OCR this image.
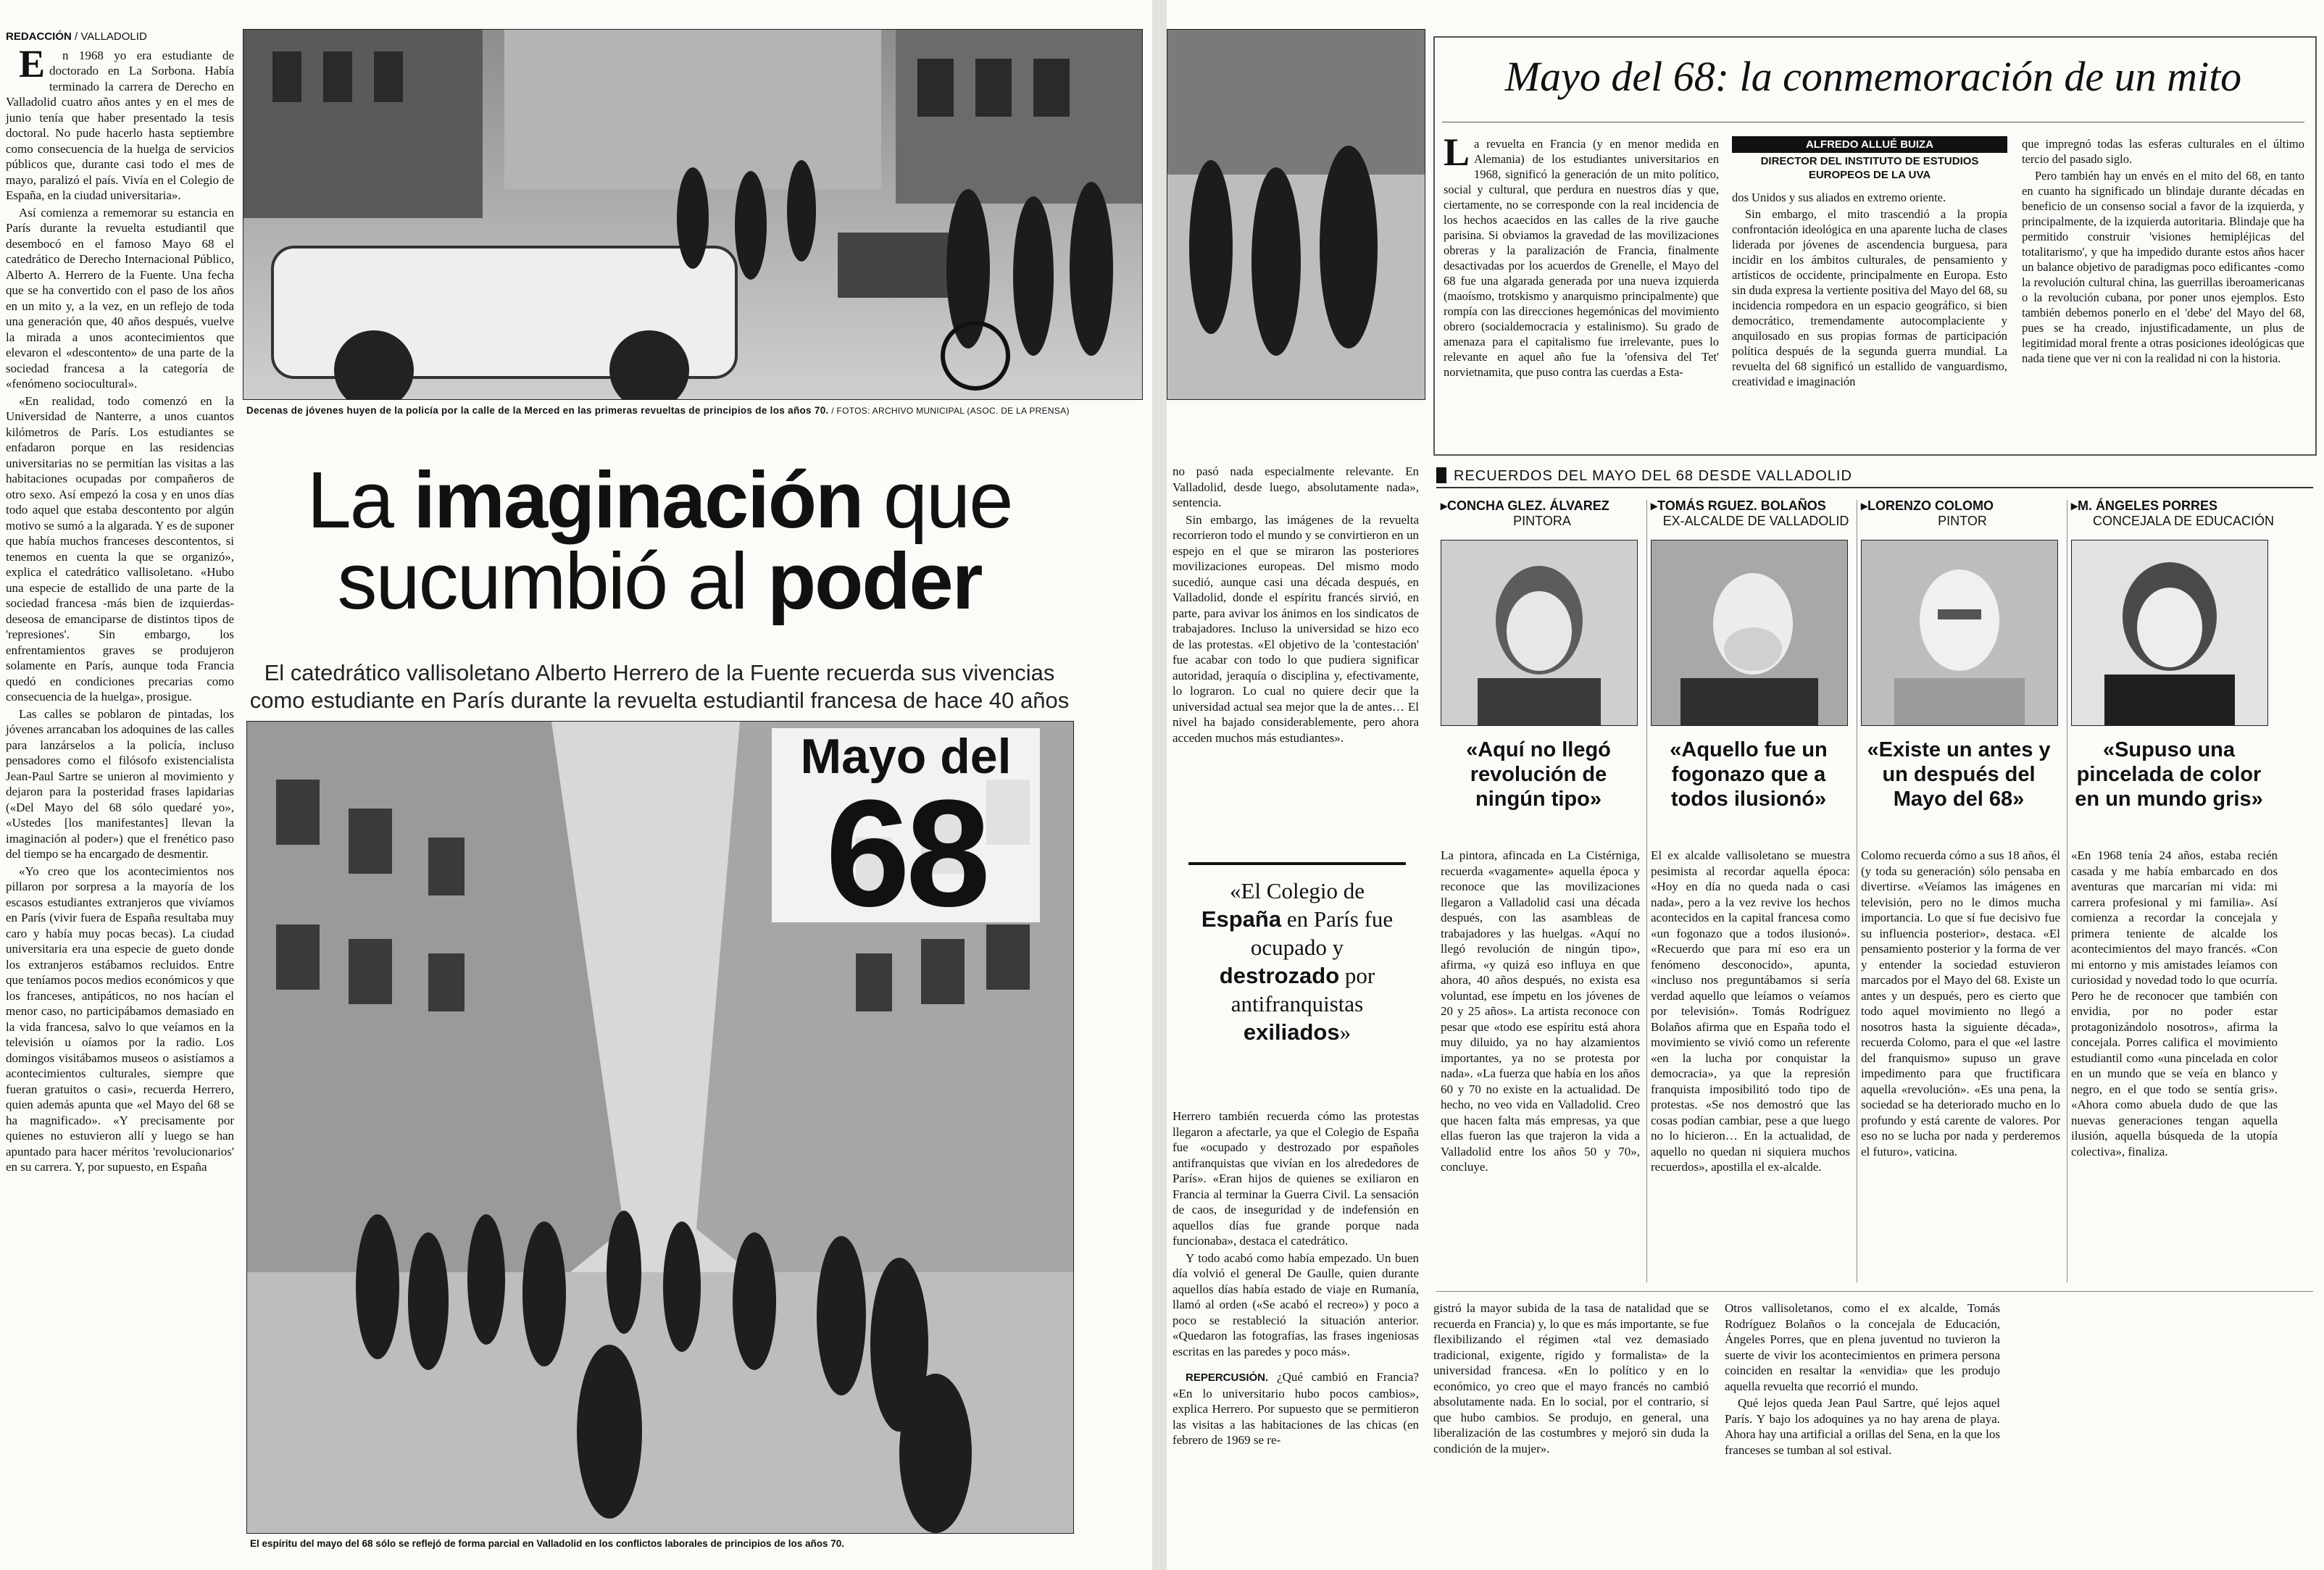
REDACCIÓN / VALLADOLID

E	n 1968 yo era estudiante de doctorado en La Sorbona. Había terminado la carrera de Derecho en Valladolid cuatro años antes y en el mes de junio tenía que haber presentado la tesis doctoral. No pude hacerlo hasta septiembre como consecuencia de la huelga de servicios públicos que, durante casi todo el mes de mayo, paralizó el país. Vivía en el Colegio de España, en la ciudad universitaria».

Así comienza a rememorar su estancia en París durante la revuelta estudiantil que desembocó en el famoso Mayo 68 el catedrático de Derecho Internacional Público, Alberto A. Herrero de la Fuente. Una fecha que se ha convertido con el paso de los años en un mito y, a la vez, en un reflejo de toda una generación que, 40 años después, vuelve la mirada a unos acontecimientos que elevaron el «descontento» de una parte de la sociedad francesa a la categoría de «fenómeno sociocultural».

«En realidad, todo comenzó en la Universidad de Nanterre, a unos cuantos kilómetros de París. Los estudiantes se enfadaron porque en las residencias universitarias no se permitían las visitas a las habitaciones ocupadas por compañeros de otro sexo. Así empezó la cosa y en unos días todo aquel que estaba descontento por algún motivo se sumó a la algarada. Y es de suponer que había muchos franceses descontentos, si tenemos en cuenta la que se organizó», explica el catedrático vallisoletano. «Hubo una especie de estallido de una parte de la sociedad francesa -más bien de izquierdas- deseosa de emanciparse de distintos tipos de 'represiones'. Sin embargo, los enfrentamientos graves se produjeron solamente en París, aunque toda Francia quedó en condiciones precarias como consecuencia de la huelga», prosigue.

Las calles se poblaron de pintadas, los jóvenes arrancaban los adoquines de las calles para lanzárselos a la policía, incluso pensadores como el filósofo existencialista Jean-Paul Sartre se unieron al movimiento y dejaron para la posteridad frases lapidarias («Del Mayo del 68 sólo quedaré yo», «Ustedes [los manifestantes] llevan la imaginación al poder») que el frenético paso del tiempo se ha encargado de desmentir.

«Yo creo que los acontecimientos nos pillaron por sorpresa a la mayoría de los escasos estudiantes extranjeros que vivíamos en París (vivir fuera de España resultaba muy caro y había muy pocas becas). La ciudad universitaria era una especie de gueto donde los extranjeros estábamos recluidos. Entre que teníamos pocos medios económicos y que los franceses, antipáticos, no nos hacían el menor caso, no participábamos demasiado en la vida francesa, salvo lo que veíamos en la televisión u oíamos por la radio. Los domingos visitábamos museos o asistíamos a acontecimientos culturales, siempre que fueran gratuitos o casi», recuerda Herrero, quien además apunta que «el Mayo del 68 se ha magnificado». «Y precisamente por quienes no estuvieron allí y luego se han apuntado para hacer méritos 'revolucionarios' en su carrera. Y, por supuesto, en España

Decenas de jóvenes huyen de la policía por la calle de la Merced en las primeras revueltas de principios de los años 70. / FOTOS: ARCHIVO MUNICIPAL (ASOC. DE LA PRENSA)
La imaginación que
sucumbió al poder
El catedrático vallisoletano Alberto Herrero de la Fuente recuerda sus vivencias como estudiante en París durante la revuelta estudiantil francesa de hace 40 años
Mayo del
68
El espíritu del mayo del 68 sólo se reflejó de forma parcial en Valladolid en los conflictos laborales de principios de los años 70.

no pasó nada especialmente relevante. En Valladolid, desde luego, absolutamente nada», sentencia.

Sin embargo, las imágenes de la revuelta recorrieron todo el mundo y se convirtieron en un espejo en el que se miraron las posteriores movilizaciones europeas. Del mismo modo sucedió, aunque casi una década después, en Valladolid, donde el espíritu francés sirvió, en parte, para avivar los ánimos en los sindicatos de trabajadores. Incluso la universidad se hizo eco de las protestas. «El objetivo de la 'contestación' fue acabar con todo lo que pudiera significar autoridad, jeraquía o disciplina y, efectivamente, lo lograron. Lo cual no quiere decir que la universidad actual sea mejor que la de antes… El nivel ha bajado considerablemente, pero ahora acceden muchos más estudiantes».

«El Colegio de España en París fue ocupado y destrozado por antifranquistas exiliados»

Herrero también recuerda cómo las protestas llegaron a afectarle, ya que el Colegio de España fue «ocupado y destrozado por españoles antifranquistas que vivían en los alrededores de París». «Eran hijos de quienes se exiliaron en Francia al terminar la Guerra Civil. La sensación de caos, de inseguridad y de indefensión en aquellos días fue grande porque nada funcionaba», destaca el catedrático.

Y todo acabó como había empezado. Un buen día volvió el general De Gaulle, quien durante aquellos días había estado de viaje en Rumanía, llamó al orden («Se acabó el recreo») y poco a poco se restableció la situación anterior. «Quedaron las fotografías, las frases ingeniosas escritas en las paredes y poco más».

REPERCUSIÓN. ¿Qué cambió en Francia? «En lo universitario hubo pocos cambios», explica Herrero. Por supuesto que se permitieron las visitas a las habitaciones de las chicas (en febrero de 1969 se re-

Mayo del 68: la conmemoración de un mito

La revuelta en Francia (y en menor medida en Alemania) de los estudiantes universitarios en 1968, significó la generación de un mito político, social y cultural, que perdura en nuestros días y que, ciertamente, no se corresponde con la real incidencia de los hechos acaecidos en las calles de la rive gauche parisina. Si obviamos la gravedad de las movilizaciones obreras y la paralización de Francia, finalmente desactivadas por los acuerdos de Grenelle, el Mayo del 68 fue una algarada generada por una nueva izquierda (maoísmo, trotskismo y anarquismo principalmente) que rompía con las direcciones hegemónicas del movimiento obrero (socialdemocracia y estalinismo). Su grado de amenaza para el capitalismo fue irrelevante, pues lo relevante en aquel año fue la 'ofensiva del Tet' norvietnamita, que puso contra las cuerdas a Esta-

ALFREDO ALLUÉ BUIZA
DIRECTOR DEL INSTITUTO DE ESTUDIOS EUROPEOS DE LA UVA

dos Unidos y sus aliados en extremo oriente.

Sin embargo, el mito trascendió a la propia confrontación ideológica en una aparente lucha de clases liderada por jóvenes de ascendencia burguesa, para incidir en los ámbitos culturales, de pensamiento y artísticos de occidente, principalmente en Europa. Esto sin duda expresa la vertiente positiva del Mayo del 68, su incidencia rompedora en un espacio geográfico, si bien democrático, tremendamente autocomplaciente y anquilosado en sus propias formas de participación política después de la segunda guerra mundial. La revuelta del 68 significó un estallido de vanguardismo, creatividad e imaginación

que impregnó todas las esferas culturales en el último tercio del pasado siglo.

Pero también hay un envés en el mito del 68, en tanto en cuanto ha significado un blindaje durante décadas en beneficio de un consenso social a favor de la izquierda, y principalmente, de la izquierda autoritaria. Blindaje que ha permitido construir 'visiones hemipléjicas del totalitarismo', y que ha impedido durante estos años hacer un balance objetivo de paradigmas poco edificantes -como la revolución cultural china, las guerrillas iberoamericanas o la revolución cubana, por poner unos ejemplos. Esto también debemos ponerlo en el 'debe' del Mayo del 68, pues se ha creado, injustificadamente, un plus de legitimidad moral frente a otras posiciones ideológicas que nada tiene que ver ni con la realidad ni con la historia.

RECUERDOS DEL MAYO DEL 68 DESDE VALLADOLID

gistró la mayor subida de la tasa de natalidad que se recuerda en Francia) y, lo que es más importante, se fue flexibilizando el régimen «tal vez demasiado tradicional, exigente, rígido y formalista» de la universidad francesa. «En lo político y en lo económico, yo creo que el mayo francés no cambió absolutamente nada. En lo social, por el contrario, sí que hubo cambios. Se produjo, en general, una liberalización de las costumbres y mejoró sin duda la condición de la mujer».

Otros vallisoletanos, como el ex alcalde, Tomás Rodríguez Bolaños o la concejala de Educación, Ángeles Porres, que en plena juventud no tuvieron la suerte de vivir los acontecimientos en primera persona coinciden en resaltar la «envidia» que les produjo aquella revuelta que recorrió el mundo.

Qué lejos queda Jean Paul Sartre, qué lejos aquel París. Y bajo los adoquines ya no hay arena de playa. Ahora hay una artificial a orillas del Sena, en la que los franceses se tumban al sol estival.

▸CONCHA GLEZ. ÁLVAREZ
PINTORA
«Aquí no llegó revolución de ningún tipo»

La pintora, afincada en La Cistérniga, recuerda «vagamente» aquella época y reconoce que las movilizaciones llegaron a Valladolid casi una década después, con las asambleas de trabajadores y las huelgas. «Aquí no llegó revolución de ningún tipo», afirma, «y quizá eso influya en que ahora, 40 años después, no exista esa voluntad, ese ímpetu en los jóvenes de 20 y 25 años». La artista reconoce con pesar que «todo ese espíritu está ahora muy diluido, ya no hay alzamientos importantes, ya no se protesta por nada». «La fuerza que había en los años 60 y 70 no existe en la actualidad. De hecho, no veo vida en Valladolid. Creo que hacen falta más empresas, ya que ellas fueron las que trajeron la vida a Valladolid entre los años 50 y 70», concluye.

▸TOMÁS RGUEZ. BOLAÑOS
EX-ALCALDE DE VALLADOLID
«Aquello fue un fogonazo que a todos ilusionó»

El ex alcalde vallisoletano se muestra pesimista al recordar aquella época: «Hoy en día no queda nada o casi nada», pero a la vez revive los hechos acontecidos en la capital francesa como «un fogonazo que a todos ilusionó». «Recuerdo que para mí eso era un fenómeno desconocido», apunta, «incluso nos preguntábamos si sería verdad aquello que leíamos o veíamos por televisión». Tomás Rodríguez Bolaños afirma que en España todo el movimiento se vivió como un referente «en la lucha por conquistar la democracia», ya que la represión franquista imposibilitó todo tipo de protestas. «Se nos demostró que las cosas podían cambiar, pese a que luego no lo hicieron… En la actualidad, de aquello no quedan ni siquiera muchos recuerdos», apostilla el ex-alcalde.

▸LORENZO COLOMO
PINTOR
«Existe un antes y un después del Mayo del 68»

Colomo recuerda cómo a sus 18 años, él (y toda su generación) sólo pensaba en divertirse. «Veíamos las imágenes en televisión, pero no le dimos mucha importancia. Lo que sí fue decisivo fue su influencia posterior», destaca. «El pensamiento posterior y la forma de ver y entender la sociedad estuvieron marcados por el Mayo del 68. Existe un antes y un después, pero es cierto que todo aquel movimiento no llegó a nosotros hasta la siguiente década», recuerda Colomo, para el que «el lastre del franquismo» supuso un grave impedimento para que fructificara aquella «revolución». «Es una pena, la sociedad se ha deteriorado mucho en lo profundo y está carente de valores. Por eso no se lucha por nada y perderemos el futuro», vaticina.

▸M. ÁNGELES PORRES
CONCEJALA DE EDUCACIÓN
«Supuso una pincelada de color en un mundo gris»

«En 1968 tenía 24 años, estaba recién casada y me había embarcado en dos aventuras que marcarían mi vida: mi carrera profesional y mi familia». Así comienza a recordar la concejala y primera teniente de alcalde los acontecimientos del mayo francés. «Con mi entorno y mis amistades leíamos con curiosidad y novedad todo lo que ocurría. Pero he de reconocer que también con envidia, por no poder estar protagonizándolo nosotros», afirma la concejala. Porres califica el movimiento estudiantil como «una pincelada en color en un mundo que se veía en blanco y negro, en el que todo se sentía gris». «Ahora como abuela dudo de que las nuevas generaciones tengan aquella ilusión, aquella búsqueda de la utopía colectiva», finaliza.
